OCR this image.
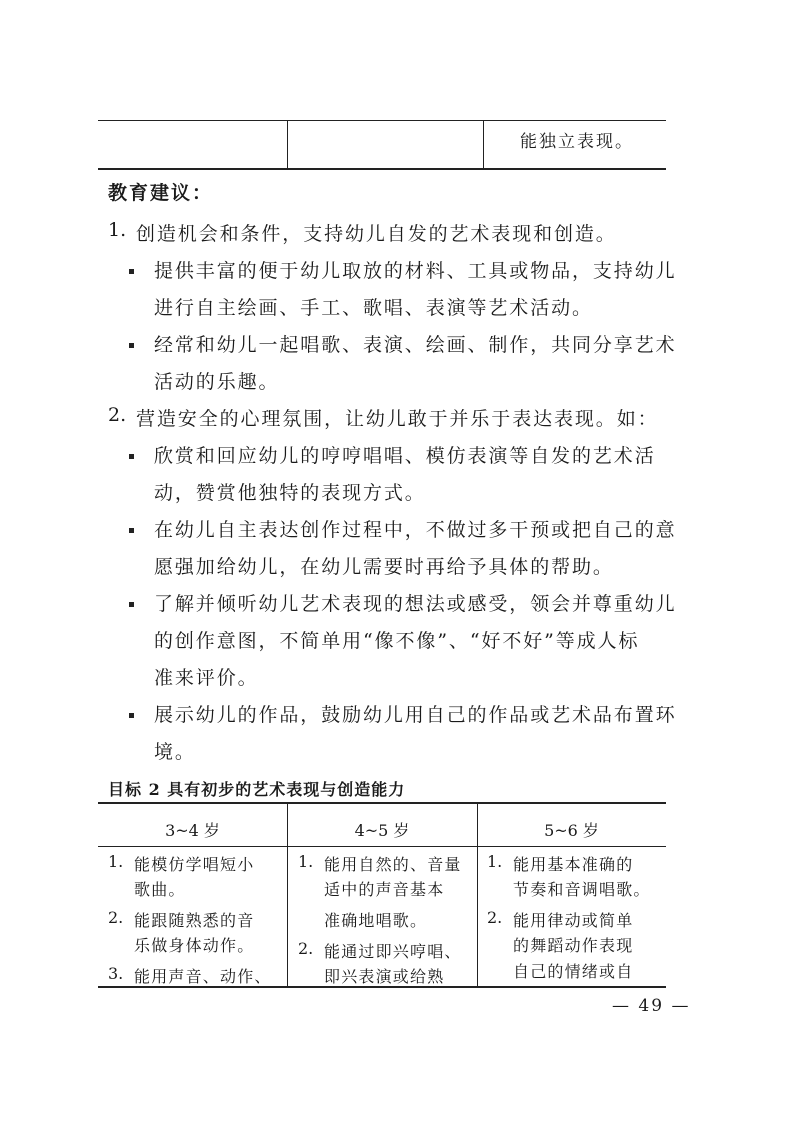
能独立表现。
教育建议：
1. 创造机会和条件，支持幼儿自发的艺术表现和创造。
提供丰富的便于幼儿取放的材料、工具或物品，支持幼儿
进行自主绘画、手工、歌唱、表演等艺术活动。
经常和幼儿一起唱歌、表演、绘画、制作，共同分享艺术
活动的乐趣。
2. 营造安全的心理氛围，让幼儿敢于并乐于表达表现。如：
欣赏和回应幼儿的哼哼唱唱、模仿表演等自发的艺术活
动，赞赏他独特的表现方式。
在幼儿自主表达创作过程中，不做过多干预或把自己的意
愿强加给幼儿，在幼儿需要时再给予具体的帮助。
了解并倾听幼儿艺术表现的想法或感受，领会并尊重幼儿
的创作意图，不简单用“像不像”、“好不好”等成人标
准来评价。
展示幼儿的作品，鼓励幼儿用自己的作品或艺术品布置环
境。
目标 2 具有初步的艺术表现与创造能力
3~4 岁	4~5 岁	5~6 岁
1. 能模仿学唱短小
歌曲。
2. 能跟随熟悉的音
乐做身体动作。
3. 能用声音、动作、
1. 能用自然的、音量
适中的声音基本
准确地唱歌。
2. 能通过即兴哼唱、
即兴表演或给熟
1. 能用基本准确的
节奏和音调唱歌。
2. 能用律动或简单
的舞蹈动作表现
自己的情绪或自
— 49 —
